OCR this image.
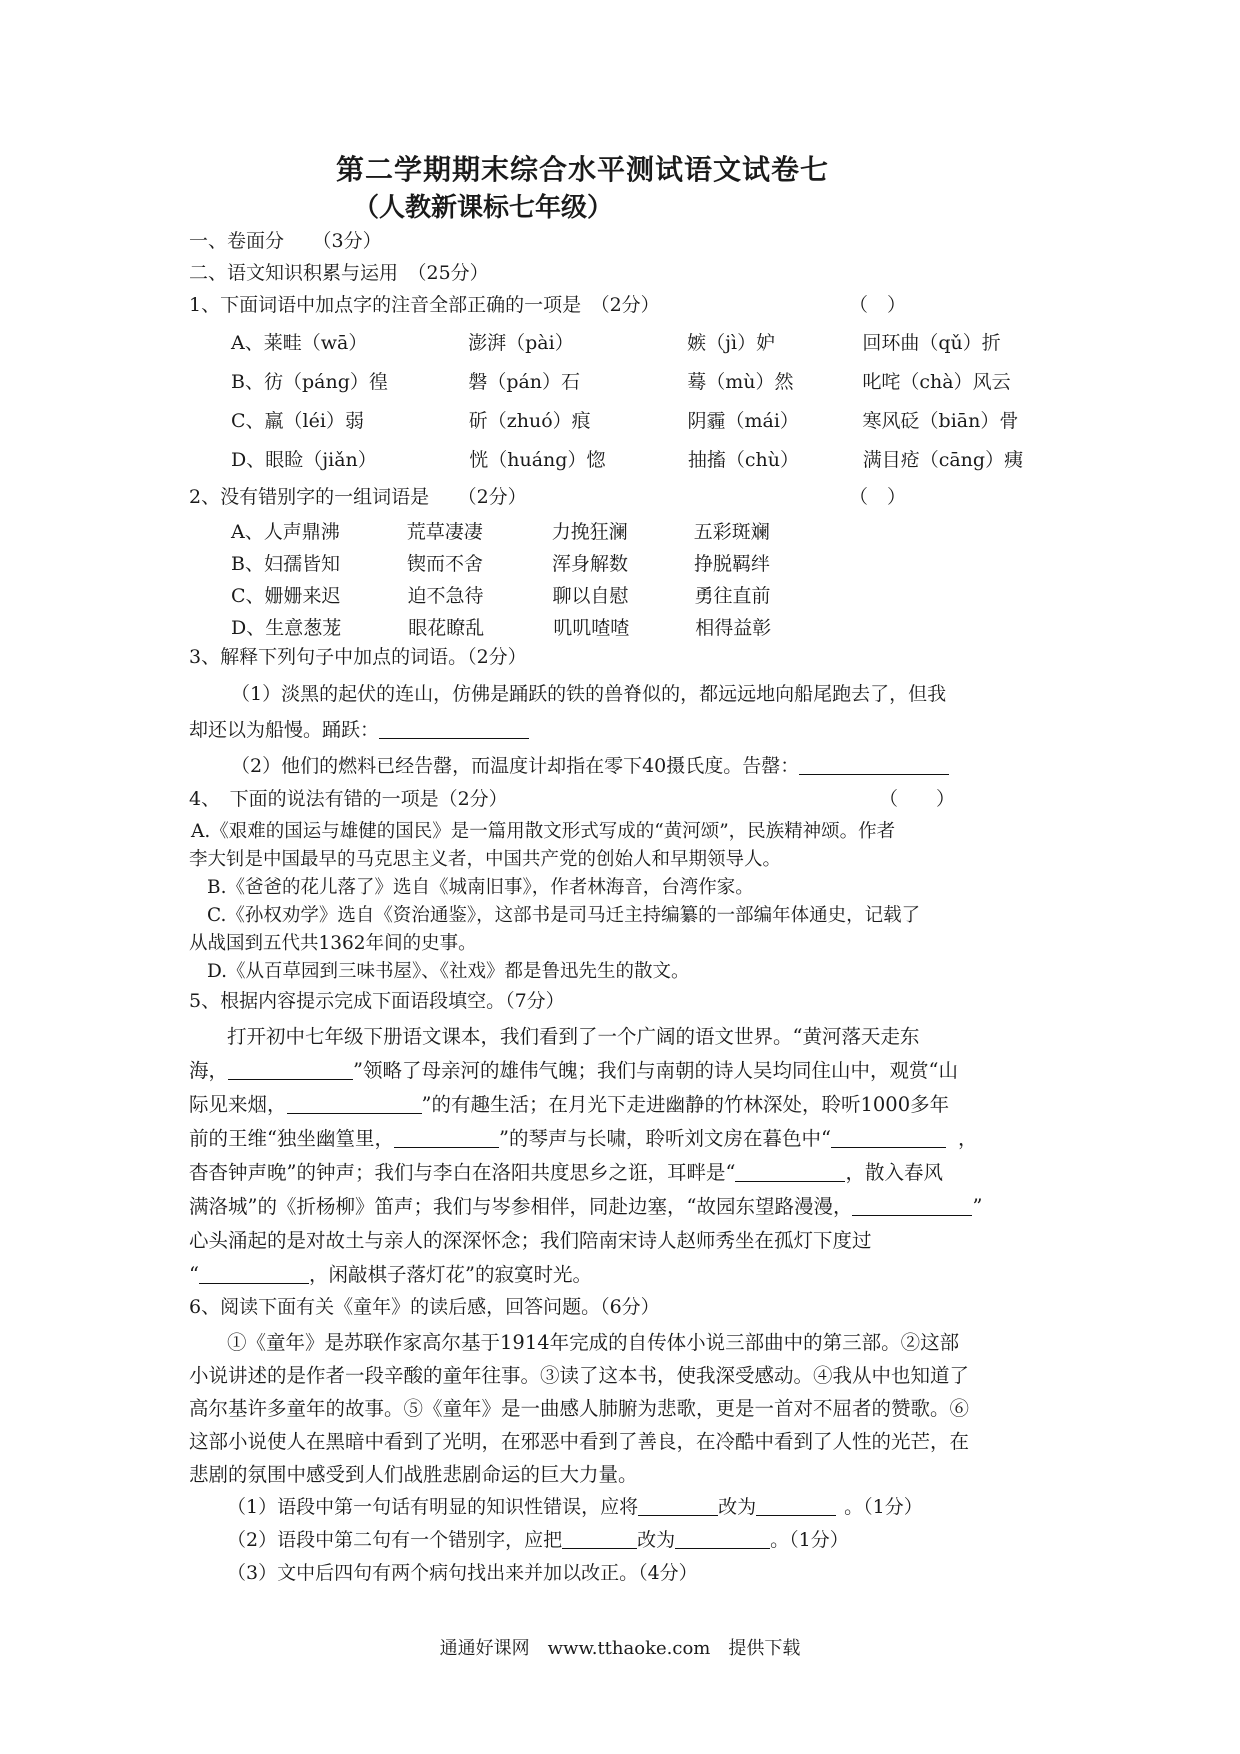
第二学期期末综合水平测试语文试卷七
（人教新课标七年级）
一、卷面分　　（3分）
二、语文知识积累与运用　（25分）
1、下面词语中加点字的注音全部正确的一项是　（2分）	（　）
A、 莱畦（wā）	澎湃（pài）	嫉（jì）妒	回环曲（qǔ）折
B、 彷（páng）徨	磐（pán）石	蓦（mù）然	叱咤（chà）风云
C、 羸（léi）弱	斫（zhuó）痕	阴霾（mái）	寒风砭（biān）骨
D、 眼睑（jiǎn）	恍（huáng）惚	抽搐（chù）	满目疮（cāng）痍
2、没有错别字的一组词语是　　（2分）	（　）
A、 人声鼎沸	荒草凄凄	力挽狂澜	五彩斑斓
B、 妇孺皆知	锲而不舍	浑身解数	挣脱羁绊
C、 姗姗来迟	迫不急待	聊以自慰	勇往直前
D、 生意葱茏	眼花瞭乱	叽叽喳喳	相得益彰
3、解释下列句子中加点的词语。（2分）
（1）淡黑的起伏的连山，仿佛是踊跃的铁的兽脊似的，都远远地向船尾跑去了，但我
却还以为船慢。踊跃：
（2）他们的燃料已经告罄，而温度计却指在零下40摄氏度。告罄：
4、　下面的说法有错的一项是（2分）	（　　）
A.《艰难的国运与雄健的国民》是一篇用散文形式写成的“黄河颂”，民族精神颂。作者
李大钊是中国最早的马克思主义者，中国共产党的创始人和早期领导人。
B.《爸爸的花儿落了》选自《城南旧事》，作者林海音，台湾作家。
C.《孙权劝学》选自《资治通鉴》，这部书是司马迁主持编纂的一部编年体通史，记载了
从战国到五代共1362年间的史事。
D.《从百草园到三味书屋》、《社戏》都是鲁迅先生的散文。
5、根据内容提示完成下面语段填空。（7分）
打开初中七年级下册语文课本，我们看到了一个广阔的语文世界。“黄河落天走东
海，	”领略了母亲河的雄伟气魄；我们与南朝的诗人吴均同住山中，观赏“山
际见来烟，	”的有趣生活；在月光下走进幽静的竹林深处，聆听1000多年
前的王维“独坐幽篁里，	”的琴声与长啸，聆听刘文房在暮色中“	，
杳杳钟声晚”的钟声；我们与李白在洛阳共度思乡之诳，耳畔是“	，散入春风
满洛城”的《折杨柳》笛声；我们与岑参相伴，同赴边塞，“故园东望路漫漫，	”
心头涌起的是对故土与亲人的深深怀念；我们陪南宋诗人赵师秀坐在孤灯下度过
“	，闲敲棋子落灯花”的寂寞时光。
6、阅读下面有关《童年》的读后感，回答问题。（6分）
①《童年》是苏联作家高尔基于1914年完成的自传体小说三部曲中的第三部。②这部
小说讲述的是作者一段辛酸的童年往事。③读了这本书，使我深受感动。④我从中也知道了
高尔基许多童年的故事。⑤《童年》是一曲感人肺腑为悲歌，更是一首对不屈者的赞歌。⑥
这部小说使人在黑暗中看到了光明，在邪恶中看到了善良，在冷酷中看到了人性的光芒，在
悲剧的氛围中感受到人们战胜悲剧命运的巨大力量。
（1）语段中第一句话有明显的知识性错误，应将	改为	。（1分）
（2）语段中第二句有一个错别字，应把	改为	。（1分）
（3）文中后四句有两个病句找出来并加以改正。（4分）
通通好课网　www.tthaoke.com　提供下载
